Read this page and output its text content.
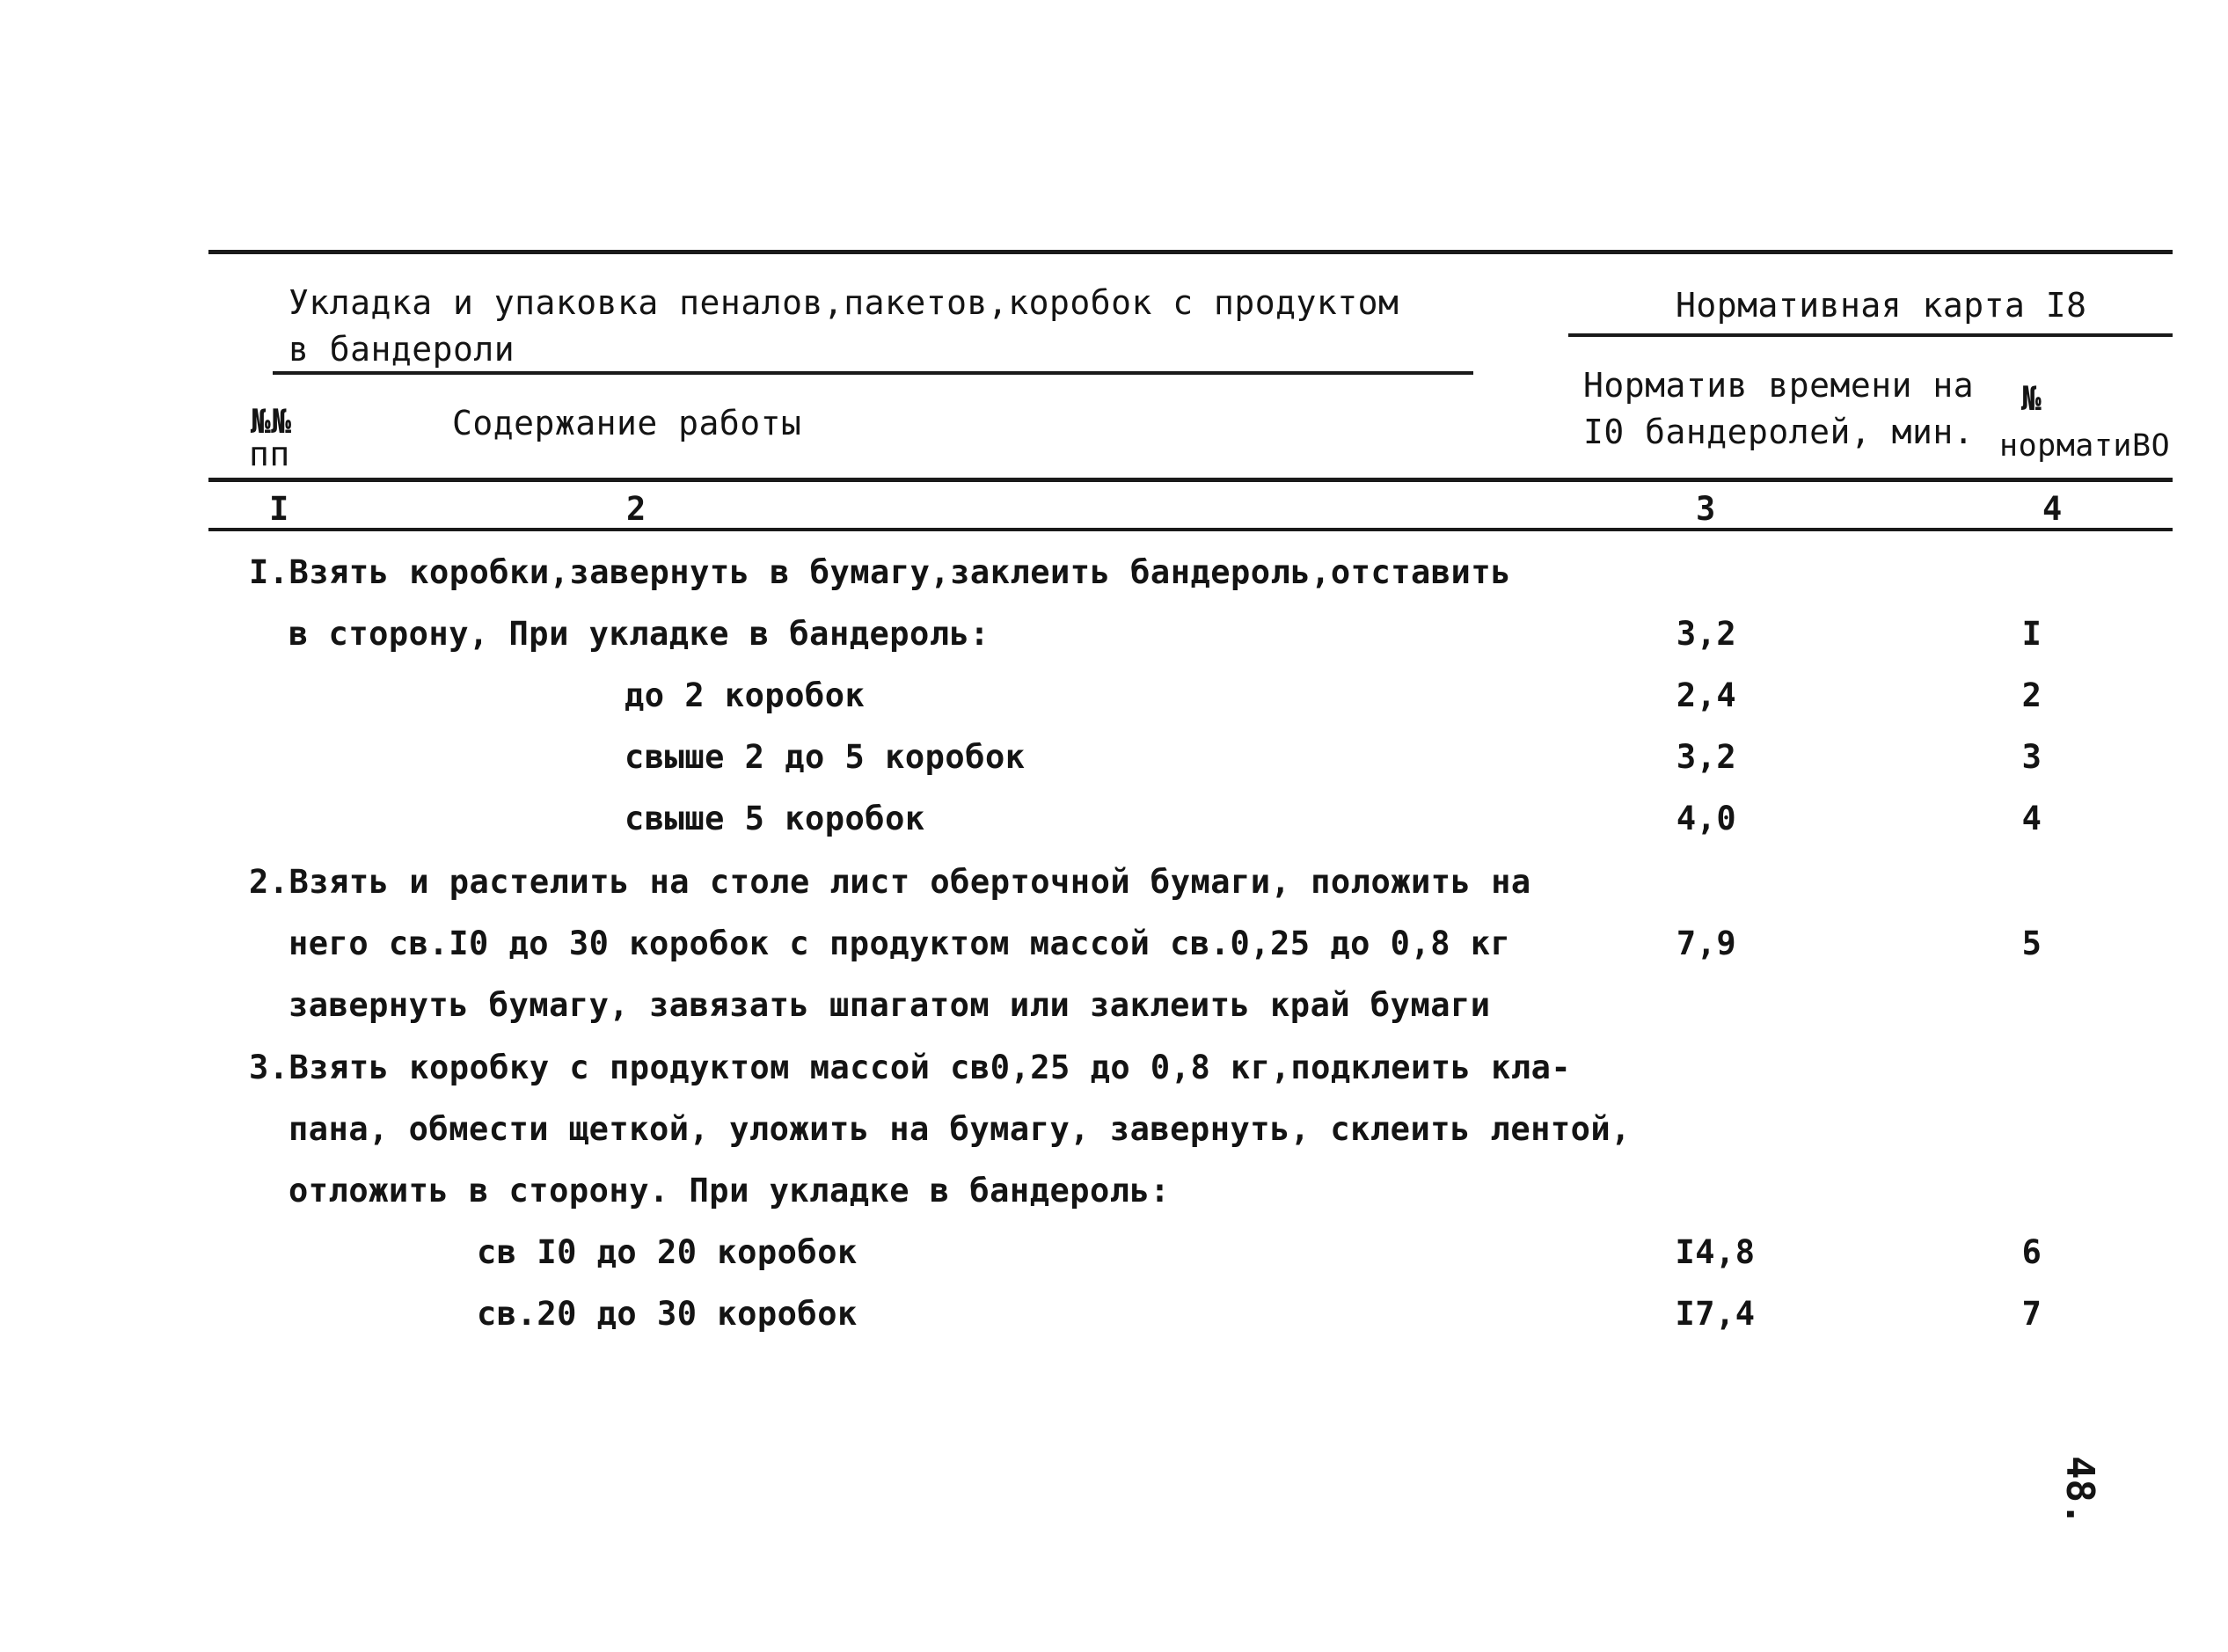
Укладка и упаковка пеналов,пакетов,коробок с продуктом
в бандероли
Нормативная карта I8
№№
пп
Содержание работы
Норматив времени на
I0 бандеролей, мин.
№
норматиBO
I	2	3	4
I.Взять коробки,завернуть в бумагу,заклеить бандероль,отставить
в сторону, При укладке в бандероль:	3,2	I
до 2 коробок	2,4	2
свыше 2 до 5 коробок	3,2	3
свыше 5 коробок	4,0	4
2.Взять и растелить на столе лист оберточной бумаги, положить на
него св.I0 до 30 коробок с продуктом массой св.0,25 до 0,8 кг	7,9	5
завернуть бумагу, завязать шпагатом или заклеить край бумаги
3.Взять коробку с продуктом массой св0,25 до 0,8 кг,подклеить кла-
пана, обмести щеткой, уложить на бумагу, завернуть, склеить лентой,
отложить в сторону. При укладке в бандероль:
св I0 до 20 коробок	I4,8	6
св.20 до 30 коробок	I7,4	7
48.
